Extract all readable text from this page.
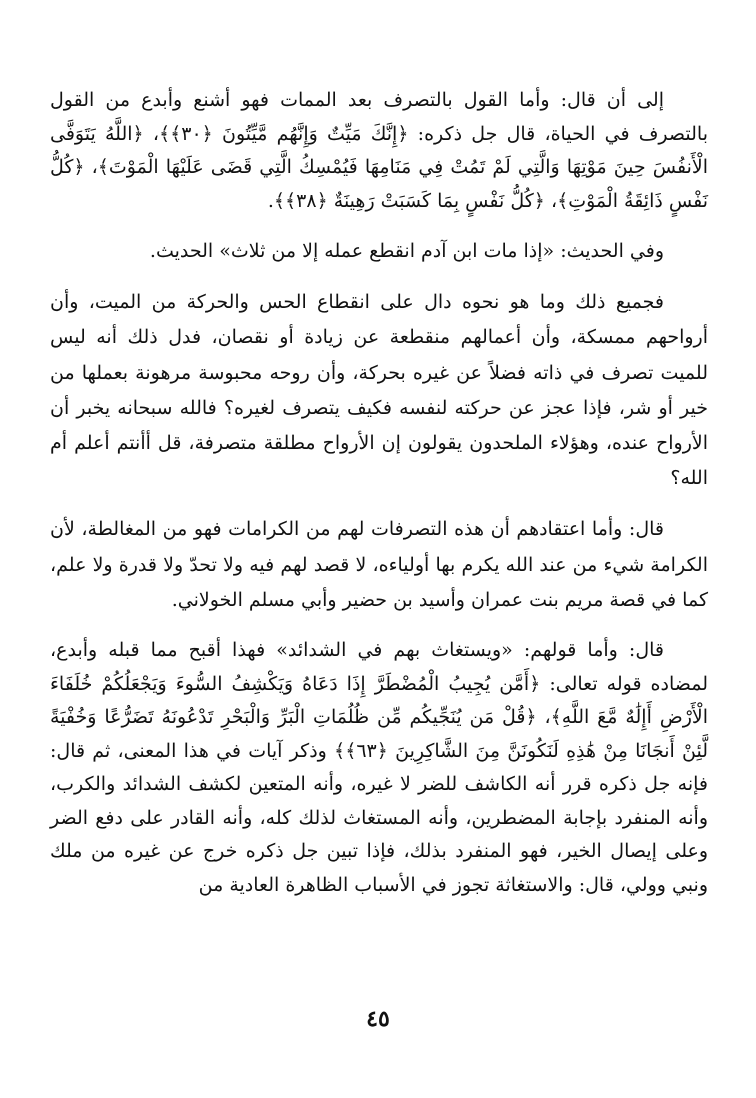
إلى أن قال: وأما القول بالتصرف بعد الممات فهو أشنع وأبدع من القول بالتصرف في الحياة، قال جل ذكره: ﴿إِنَّكَ مَيِّتٌ وَإِنَّهُم مَّيِّتُونَ ﴿٣٠﴾﴾، ﴿اللَّهُ يَتَوَفَّى الْأَنفُسَ حِينَ مَوْتِهَا وَالَّتِي لَمْ تَمُتْ فِي مَنَامِهَا فَيُمْسِكُ الَّتِي قَضَى عَلَيْهَا الْمَوْتَ﴾، ﴿كُلُّ نَفْسٍ ذَائِقَةُ الْمَوْتِ﴾، ﴿كُلُّ نَفْسٍ بِمَا كَسَبَتْ رَهِينَةٌ ﴿٣٨﴾﴾.

وفي الحديث: «إذا مات ابن آدم انقطع عمله إلا من ثلاث» الحديث.

فجميع ذلك وما هو نحوه دال على انقطاع الحس والحركة من الميت، وأن أرواحهم ممسكة، وأن أعمالهم منقطعة عن زيادة أو نقصان، فدل ذلك أنه ليس للميت تصرف في ذاته فضلاً عن غيره بحركة، وأن روحه محبوسة مرهونة بعملها من خير أو شر، فإذا عجز عن حركته لنفسه فكيف يتصرف لغيره؟ فالله سبحانه يخبر أن الأرواح عنده، وهؤلاء الملحدون يقولون إن الأرواح مطلقة متصرفة، قل أأنتم أعلم أم الله؟

قال: وأما اعتقادهم أن هذه التصرفات لهم من الكرامات فهو من المغالطة، لأن الكرامة شيء من عند الله يكرم بها أولياءه، لا قصد لهم فيه ولا تحدّ ولا قدرة ولا علم، كما في قصة مريم بنت عمران وأسيد بن حضير وأبي مسلم الخولاني.

قال: وأما قولهم: «ويستغاث بهم في الشدائد» فهذا أقبح مما قبله وأبدع، لمضاده قوله تعالى: ﴿أَمَّن يُجِيبُ الْمُضْطَرَّ إِذَا دَعَاهُ وَيَكْشِفُ السُّوءَ وَيَجْعَلُكُمْ خُلَفَاءَ الْأَرْضِ أَإِلَٰهٌ مَّعَ اللَّهِ﴾، ﴿قُلْ مَن يُنَجِّيكُم مِّن ظُلُمَاتِ الْبَرِّ وَالْبَحْرِ تَدْعُونَهُ تَضَرُّعًا وَخُفْيَةً لَّئِنْ أَنجَانَا مِنْ هَٰذِهِ لَنَكُونَنَّ مِنَ الشَّاكِرِينَ ﴿٦٣﴾﴾ وذكر آيات في هذا المعنى، ثم قال: فإنه جل ذكره قرر أنه الكاشف للضر لا غيره، وأنه المتعين لكشف الشدائد والكرب، وأنه المنفرد بإجابة المضطرين، وأنه المستغاث لذلك كله، وأنه القادر على دفع الضر وعلى إيصال الخير، فهو المنفرد بذلك، فإذا تبين جل ذكره خرج عن غيره من ملك ونبي وولي، قال: والاستغاثة تجوز في الأسباب الظاهرة العادية من

٤٥
